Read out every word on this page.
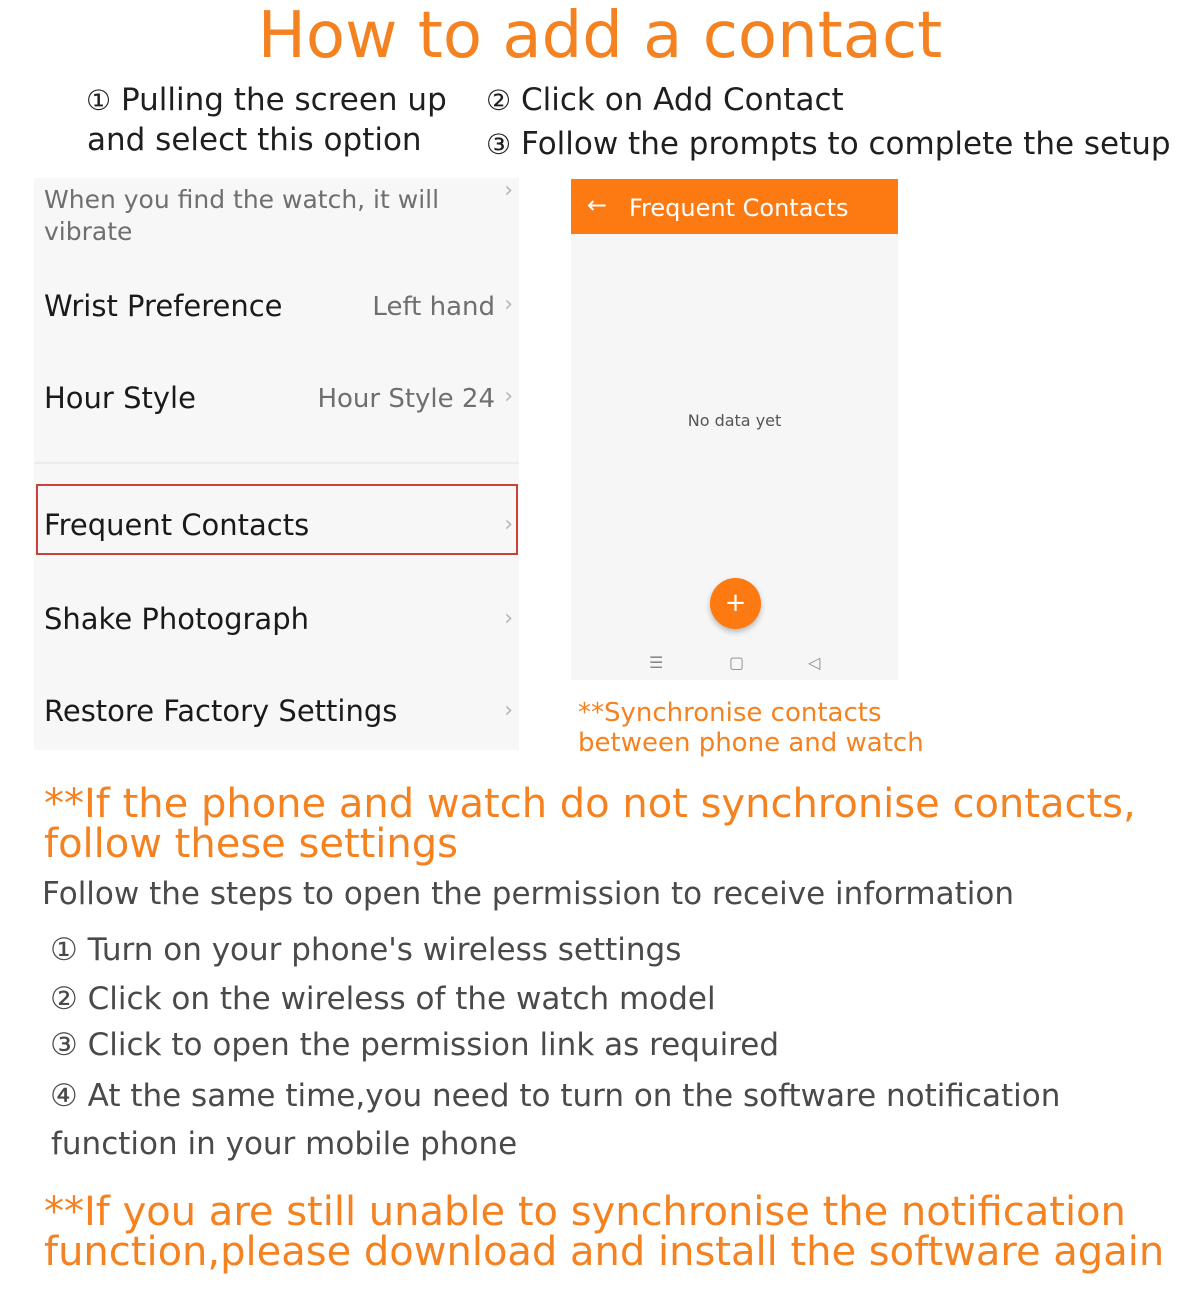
How to add a contact
① Pulling the screen up
and select this option
② Click on Add Contact
③ Follow the prompts to complete the setup
When you find the watch, it will vibrate
›
Wrist Preference	Left hand ›
Hour Style	Hour Style 24 ›
Frequent Contacts	›
Shake Photograph	›
Restore Factory Settings	›
← Frequent Contacts
No data yet
+
☰	▢	◁
**Synchronise contacts between phone and watch
**If the phone and watch do not synchronise contacts,
follow these settings
Follow the steps to open the permission to receive information
① Turn on your phone's wireless settings
② Click on the wireless of the watch model
③ Click to open the permission link as required
④ At the same time,you need to turn on the software notification
function in your mobile phone
**If you are still unable to synchronise the notification
function,please download and install the software again
